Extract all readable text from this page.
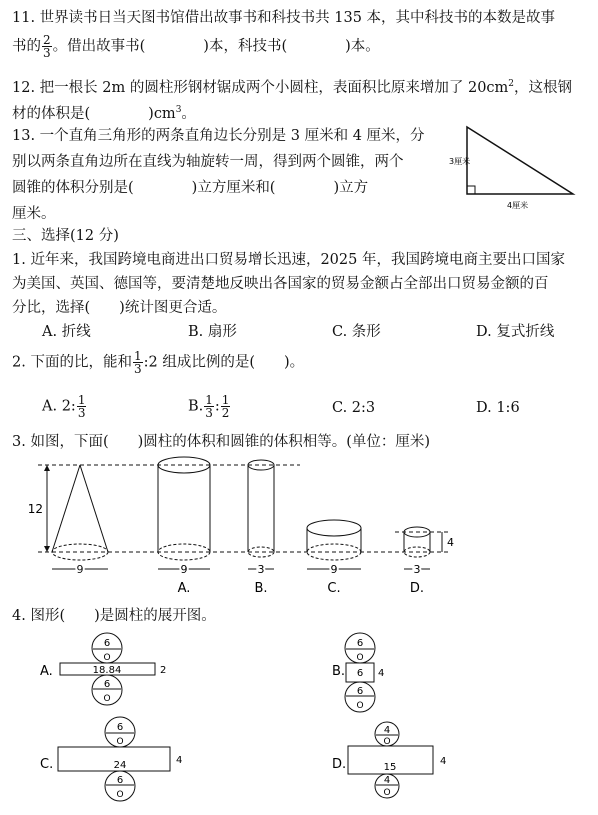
11. 世界读书日当天图书馆借出故事书和科技书共 135 本，其中科技书的本数是故事
书的 $\frac{2}{3}$ 。借出故事书(　　　　)本，科技书(　　　　)本。
12. 把一根长 2m 的圆柱形钢材锯成两个小圆柱，表面积比原来增加了 $20cm^2$，这根钢
材的体积是(　　　　)$cm^3$。
13. 一个直角三角形的两条直角边长分别是 3 厘米和 4 厘米，分
别以两条直角边所在直线为轴旋转一周，得到两个圆锥，两个
圆锥的体积分别是(　　　　)立方厘米和(　　　　)立方
厘米。
3厘米
4厘米
三、选择(12 分)
1. 近年来，我国跨境电商进出口贸易增长迅速，2025 年，我国跨境电商主要出口国家
为美国、英国、德国等，要清楚地反映出各国家的贸易金额占全部出口贸易金额的百
分比，选择(　　)统计图更合适。
A. 折线	B. 扇形	C. 条形	D. 复式折线
2. 下面的比，能和 $\frac{1}{3}$ :2 组成比例的是(　　)。
A. 2: $\frac{1}{3}$	B. $\frac{1}{3}$ : $\frac{1}{2}$	C. 2:3	D. 1:6
3. 如图，下面(　　)圆柱的体积和圆锥的体积相等。(单位：厘米)
12
9	9
A.
3
B.
9
C.
4
3
D.
4. 图形(　　)是圆柱的展开图。
A.
6
O
18.84	2
6
O
B.
6
O
6 4
6
O
C.
6
O
24	4
6
O
D.
4
O
15
4
4
O
